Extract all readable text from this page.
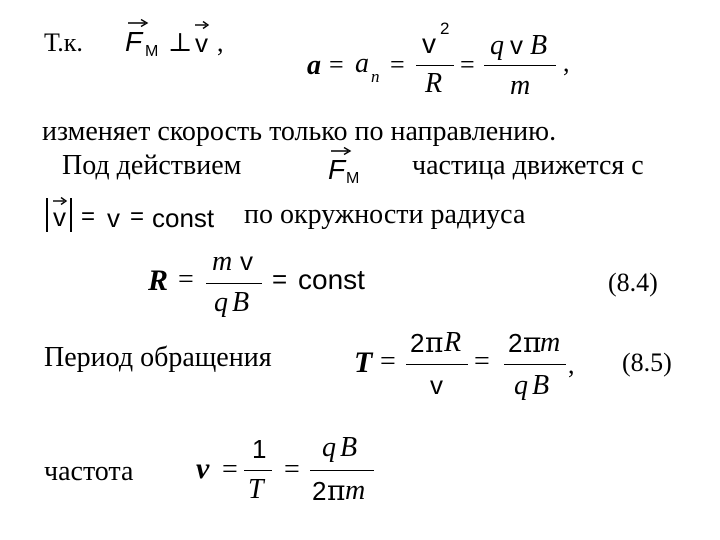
Т.к. F M ⊥ v ,
a = a n =
v 2
R
=
q v B
m
,
изменяет скорость только по направлению.
Под действием	F M частица движется с
v = v = const по окружности радиуса
R =
m v
q B
= const	(8.4)
Период обращения	T =
2 π R
v
=
2 π
m
q B
, (8.5)
частота ν =
1
T
=
q B
2 π m
